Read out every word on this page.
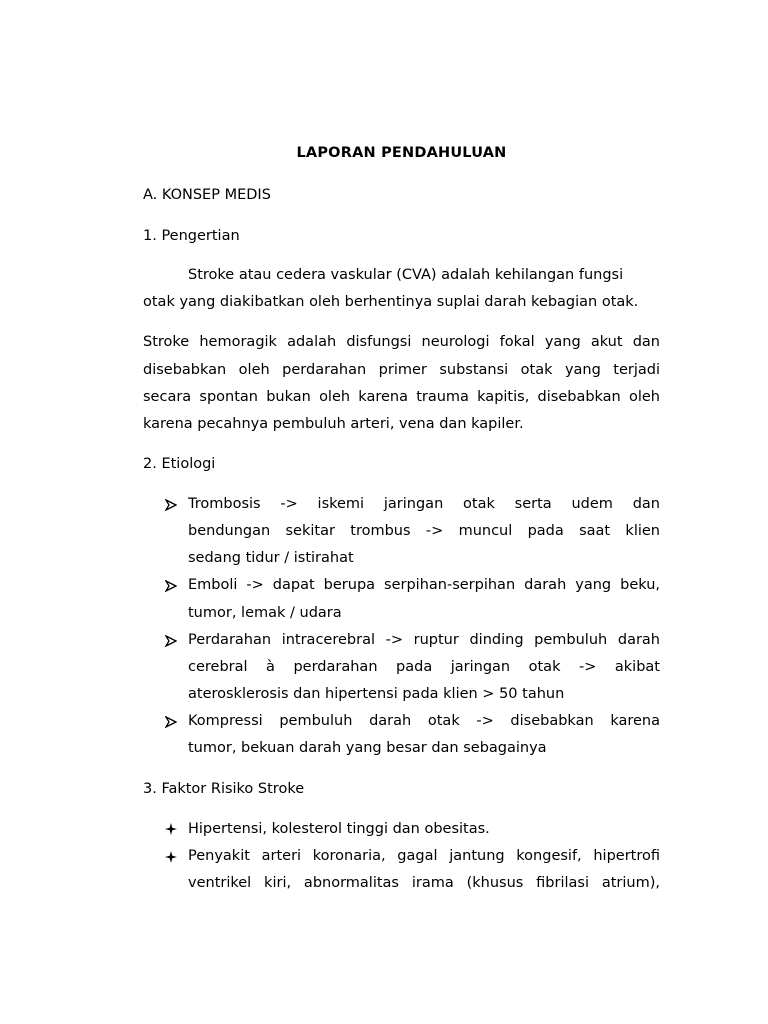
LAPORAN PENDAHULUAN
A. KONSEP MEDIS
1. Pengertian
Stroke atau cedera vaskular (CVA) adalah kehilangan fungsi
otak yang diakibatkan oleh berhentinya suplai darah kebagian otak.
Stroke hemoragik adalah disfungsi neurologi fokal yang akut dan
disebabkan oleh perdarahan primer substansi otak yang terjadi
secara spontan bukan oleh karena trauma kapitis, disebabkan oleh
karena pecahnya pembuluh arteri, vena dan kapiler.
2. Etiologi
Trombosis -> iskemi jaringan otak serta udem dan
bendungan sekitar trombus -> muncul pada saat klien
sedang tidur / istirahat
Emboli -> dapat berupa serpihan-serpihan darah yang beku,
tumor, lemak / udara
Perdarahan intracerebral -> ruptur dinding pembuluh darah
cerebral à perdarahan pada jaringan otak -> akibat
aterosklerosis dan hipertensi pada klien > 50 tahun
Kompressi pembuluh darah otak -> disebabkan karena
tumor, bekuan darah yang besar dan sebagainya
3. Faktor Risiko Stroke
Hipertensi, kolesterol tinggi dan obesitas.
Penyakit arteri koronaria, gagal jantung kongesif, hipertrofi
ventrikel kiri, abnormalitas irama (khusus fibrilasi atrium),
